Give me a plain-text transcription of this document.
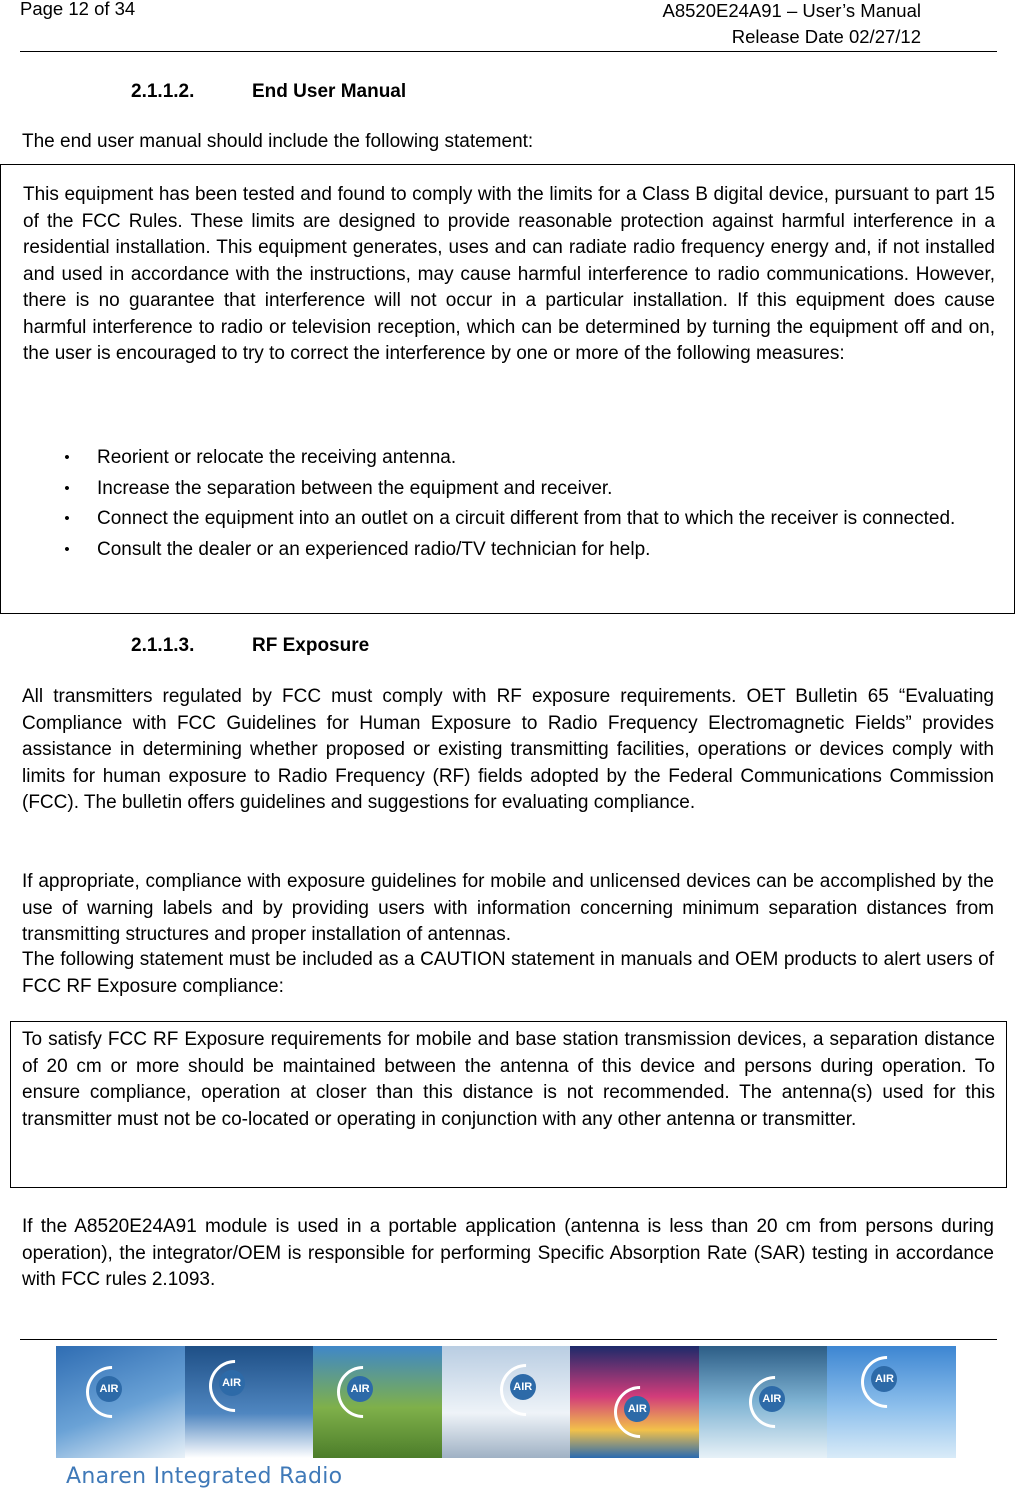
Page 12 of 34	A8520E24A91 – User’s Manual
Release Date 02/27/12
2.1.1.2.	End User Manual

The end user manual should include the following statement:

This equipment has been tested and found to comply with the limits for a Class B digital device, pursuant to part 15 of the FCC Rules. These limits are designed to provide reasonable protection against harmful interference in a residential installation. This equipment generates, uses and can radiate radio frequency energy and, if not installed and used in accordance with the instructions, may cause harmful interference to radio communications. However, there is no guarantee that interference will not occur in a particular installation. If this equipment does cause harmful interference to radio or television reception, which can be determined by turning the equipment off and on, the user is encouraged to try to correct the interference by one or more of the following measures:

•	Reorient or relocate the receiving antenna.
•	Increase the separation between the equipment and receiver.
•	Connect the equipment into an outlet on a circuit different from that to which the receiver is connected.
•	Consult the dealer or an experienced radio/TV technician for help.
2.1.1.3.	RF Exposure

All transmitters regulated by FCC must comply with RF exposure requirements. OET Bulletin 65 “Evaluating Compliance with FCC Guidelines for Human Exposure to Radio Frequency Electromagnetic Fields” provides assistance in determining whether proposed or existing transmitting facilities, operations or devices comply with limits for human exposure to Radio Frequency (RF) fields adopted by the Federal Communications Commission (FCC). The bulletin offers guidelines and suggestions for evaluating compliance.

If appropriate, compliance with exposure guidelines for mobile and unlicensed devices can be accomplished by the use of warning labels and by providing users with information concerning minimum separation distances from transmitting structures and proper installation of antennas.

The following statement must be included as a CAUTION statement in manuals and OEM products to alert users of FCC RF Exposure compliance:

To satisfy FCC RF Exposure requirements for mobile and base station transmission devices, a separation distance of 20 cm or more should be maintained between the antenna of this device and persons during operation. To ensure compliance, operation at closer than this distance is not recommended. The antenna(s) used for this transmitter must not be co-located or operating in conjunction with any other antenna or transmitter.

If the A8520E24A91 module is used in a portable application (antenna is less than 20 cm from persons during operation), the integrator/OEM is responsible for performing Specific Absorption Rate (SAR) testing in accordance with FCC rules 2.1093.

AIR	AIR	AIR	AIR
AIR
AIR
AIR
Anaren Integrated Radio
